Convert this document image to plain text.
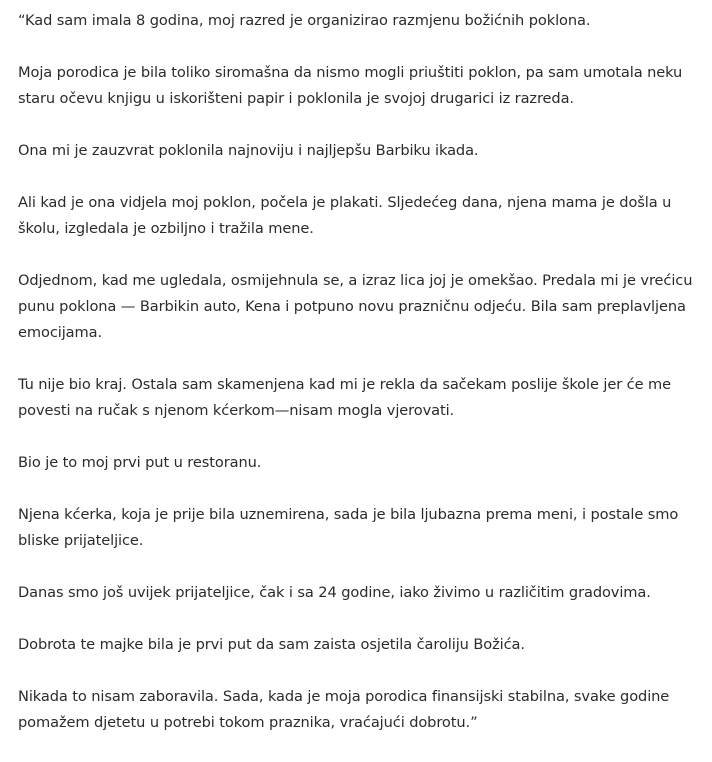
“Kad sam imala 8 godina, moj razred je organizirao razmjenu božićnih poklona.

Moja porodica je bila toliko siromašna da nismo mogli priuštiti poklon, pa sam umotala neku staru očevu knjigu u iskorišteni papir i poklonila je svojoj drugarici iz razreda.

Ona mi je zauzvrat poklonila najnoviju i najljepšu Barbiku ikada.

Ali kad je ona vidjela moj poklon, počela je plakati. Sljedećeg dana, njena mama je došla u školu, izgledala je ozbiljno i tražila mene.

Odjednom, kad me ugledala, osmijehnula se, a izraz lica joj je omekšao. Predala mi je vrećicu punu poklona — Barbikin auto, Kena i potpuno novu prazničnu odjeću. Bila sam preplavljena emocijama.

Tu nije bio kraj. Ostala sam skamenjena kad mi je rekla da sačekam poslije škole jer će me povesti na ručak s njenom kćerkom—nisam mogla vjerovati.

Bio je to moj prvi put u restoranu.

Njena kćerka, koja je prije bila uznemirena, sada je bila ljubazna prema meni, i postale smo bliske prijateljice.

Danas smo još uvijek prijateljice, čak i sa 24 godine, iako živimo u različitim gradovima.

Dobrota te majke bila je prvi put da sam zaista osjetila čaroliju Božića.

Nikada to nisam zaboravila. Sada, kada je moja porodica finansijski stabilna, svake godine pomažem djetetu u potrebi tokom praznika, vraćajući dobrotu.”
